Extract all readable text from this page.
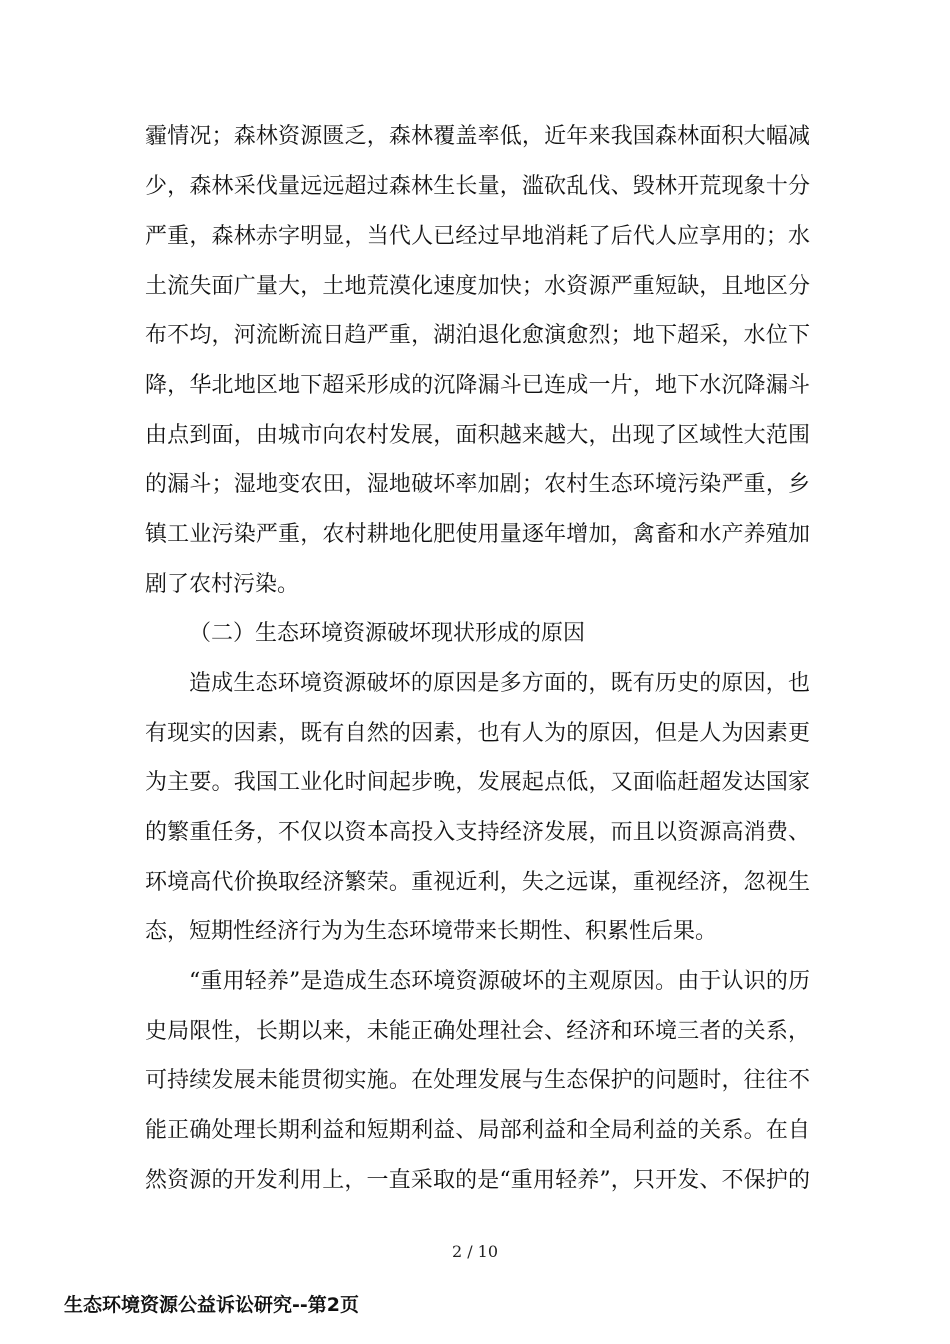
霾情况；森林资源匮乏，森林覆盖率低，近年来我国森林面积大幅减
少，森林采伐量远远超过森林生长量，滥砍乱伐、毁林开荒现象十分
严重，森林赤字明显，当代人已经过早地消耗了后代人应享用的；水
土流失面广量大，土地荒漠化速度加快；水资源严重短缺，且地区分
布不均，河流断流日趋严重，湖泊退化愈演愈烈；地下超采，水位下
降，华北地区地下超采形成的沉降漏斗已连成一片，地下水沉降漏斗
由点到面，由城市向农村发展，面积越来越大，出现了区域性大范围
的漏斗；湿地变农田，湿地破坏率加剧；农村生态环境污染严重，乡
镇工业污染严重，农村耕地化肥使用量逐年增加，禽畜和水产养殖加
剧了农村污染。
（二）生态环境资源破坏现状形成的原因
造成生态环境资源破坏的原因是多方面的，既有历史的原因，也
有现实的因素，既有自然的因素，也有人为的原因，但是人为因素更
为主要。我国工业化时间起步晚，发展起点低，又面临赶超发达国家
的繁重任务，不仅以资本高投入支持经济发展，而且以资源高消费、
环境高代价换取经济繁荣。重视近利，失之远谋，重视经济，忽视生
态，短期性经济行为为生态环境带来长期性、积累性后果。
“重用轻养”是造成生态环境资源破坏的主观原因。由于认识的历
史局限性，长期以来，未能正确处理社会、经济和环境三者的关系，
可持续发展未能贯彻实施。在处理发展与生态保护的问题时，往往不
能正确处理长期利益和短期利益、局部利益和全局利益的关系。在自
然资源的开发利用上，一直采取的是“重用轻养”，只开发、不保护的
2 / 10
生态环境资源公益诉讼研究--第2页
